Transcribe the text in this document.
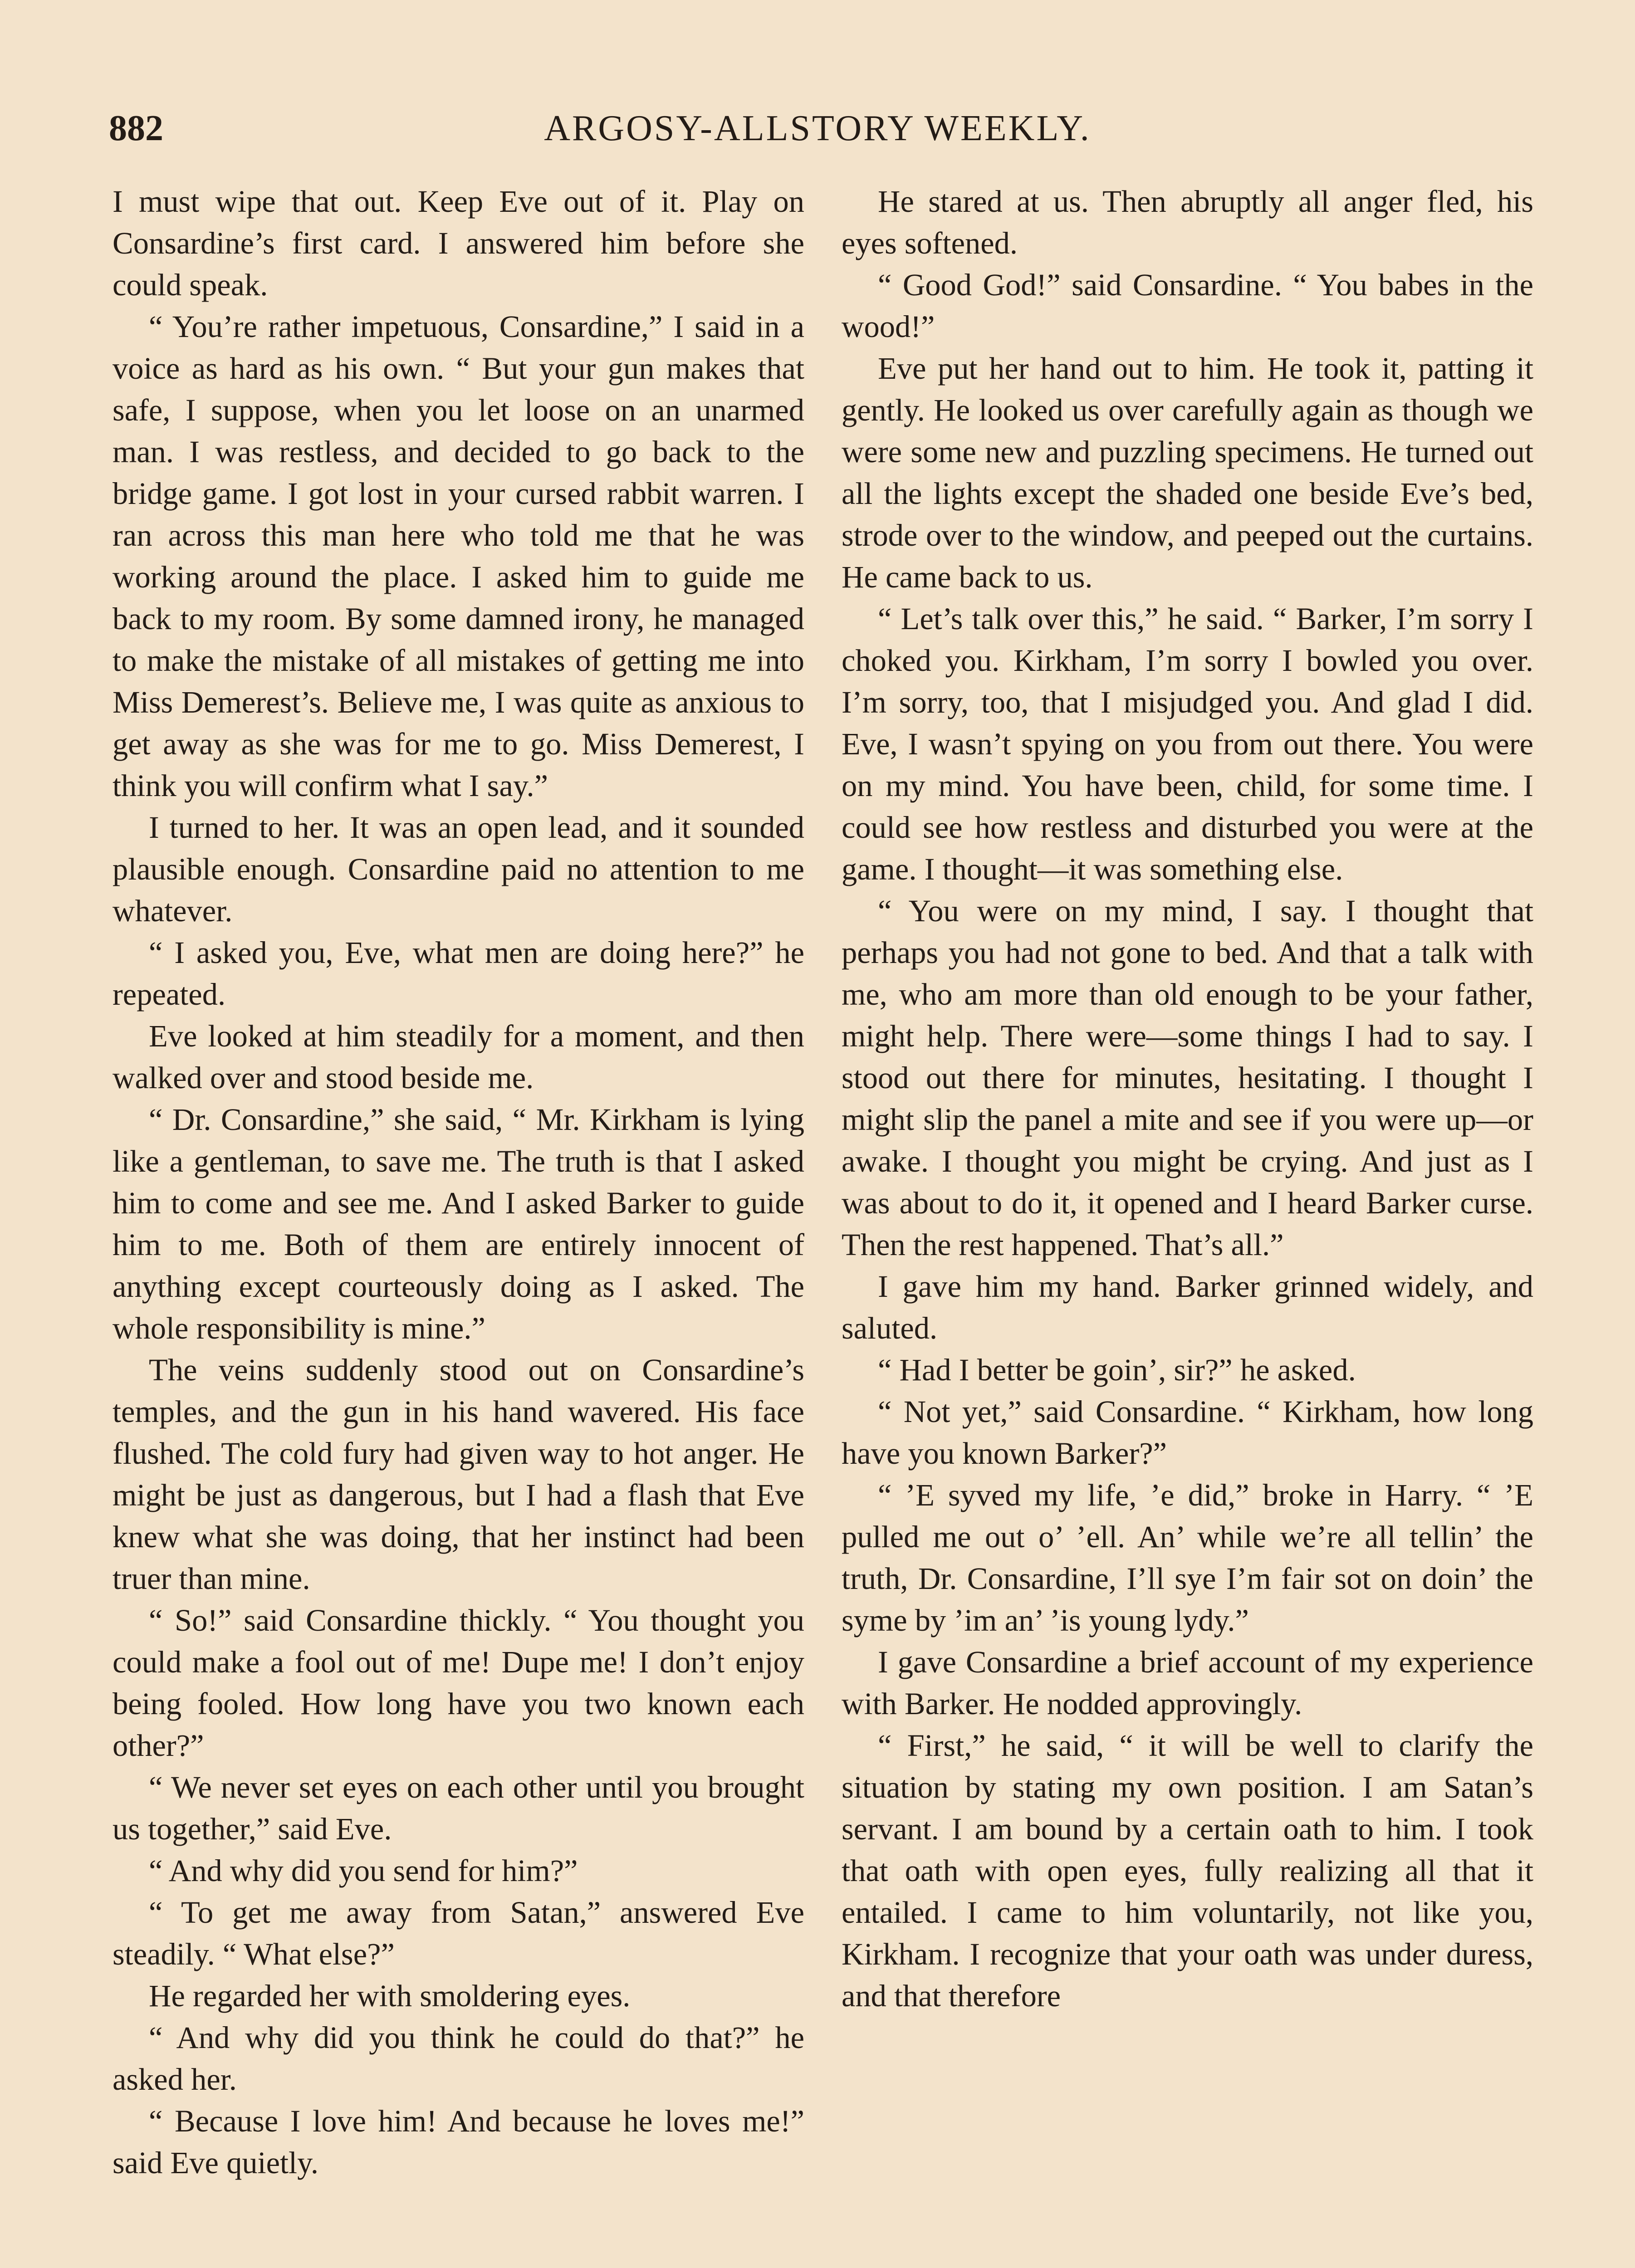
882	ARGOSY-ALLSTORY WEEKLY.

I must wipe that out. Keep Eve out of it. Play on Consardine’s first card. I answered him before she could speak.

“ You’re rather impetuous, Consardine,” I said in a voice as hard as his own. “ But your gun makes that safe, I suppose, when you let loose on an unarmed man. I was restless, and decided to go back to the bridge game. I got lost in your cursed rabbit warren. I ran across this man here who told me that he was working around the place. I asked him to guide me back to my room. By some damned irony, he managed to make the mistake of all mistakes of getting me into Miss Demerest’s. Believe me, I was quite as anxious to get away as she was for me to go. Miss Demerest, I think you will confirm what I say.”

I turned to her. It was an open lead, and it sounded plausible enough. Consardine paid no attention to me whatever.

“ I asked you, Eve, what men are doing here?” he repeated.

Eve looked at him steadily for a moment, and then walked over and stood beside me.

“ Dr. Consardine,” she said, “ Mr. Kirkham is lying like a gentleman, to save me. The truth is that I asked him to come and see me. And I asked Barker to guide him to me. Both of them are entirely innocent of anything except courteously doing as I asked. The whole responsibility is mine.”

The veins suddenly stood out on Consardine’s temples, and the gun in his hand wavered. His face flushed. The cold fury had given way to hot anger. He might be just as dangerous, but I had a flash that Eve knew what she was doing, that her instinct had been truer than mine.

“ So!” said Consardine thickly. “ You thought you could make a fool out of me! Dupe me! I don’t enjoy being fooled. How long have you two known each other?”

“ We never set eyes on each other until you brought us together,” said Eve.

“ And why did you send for him?”

“ To get me away from Satan,” answered Eve steadily. “ What else?”

He regarded her with smoldering eyes.

“ And why did you think he could do that?” he asked her.

“ Because I love him! And because he loves me!” said Eve quietly.

He stared at us. Then abruptly all anger fled, his eyes softened.

“ Good God!” said Consardine. “ You babes in the wood!”

Eve put her hand out to him. He took it, patting it gently. He looked us over carefully again as though we were some new and puzzling specimens. He turned out all the lights except the shaded one beside Eve’s bed, strode over to the window, and peeped out the curtains. He came back to us.

“ Let’s talk over this,” he said. “ Barker, I’m sorry I choked you. Kirkham, I’m sorry I bowled you over. I’m sorry, too, that I misjudged you. And glad I did. Eve, I wasn’t spying on you from out there. You were on my mind. You have been, child, for some time. I could see how restless and disturbed you were at the game. I thought—it was something else.

“ You were on my mind, I say. I thought that perhaps you had not gone to bed. And that a talk with me, who am more than old enough to be your father, might help. There were—some things I had to say. I stood out there for minutes, hesitating. I thought I might slip the panel a mite and see if you were up—or awake. I thought you might be crying. And just as I was about to do it, it opened and I heard Barker curse. Then the rest happened. That’s all.”

I gave him my hand. Barker grinned widely, and saluted.

“ Had I better be goin’, sir?” he asked.

“ Not yet,” said Consardine. “ Kirkham, how long have you known Barker?”

“ ’E syved my life, ’e did,” broke in Harry. “ ’E pulled me out o’ ’ell. An’ while we’re all tellin’ the truth, Dr. Consardine, I’ll sye I’m fair sot on doin’ the syme by ’im an’ ’is young lydy.”

I gave Consardine a brief account of my experience with Barker. He nodded approvingly.

“ First,” he said, “ it will be well to clarify the situation by stating my own position. I am Satan’s servant. I am bound by a certain oath to him. I took that oath with open eyes, fully realizing all that it entailed. I came to him voluntarily, not like you, Kirkham. I recognize that your oath was under duress, and that therefore
